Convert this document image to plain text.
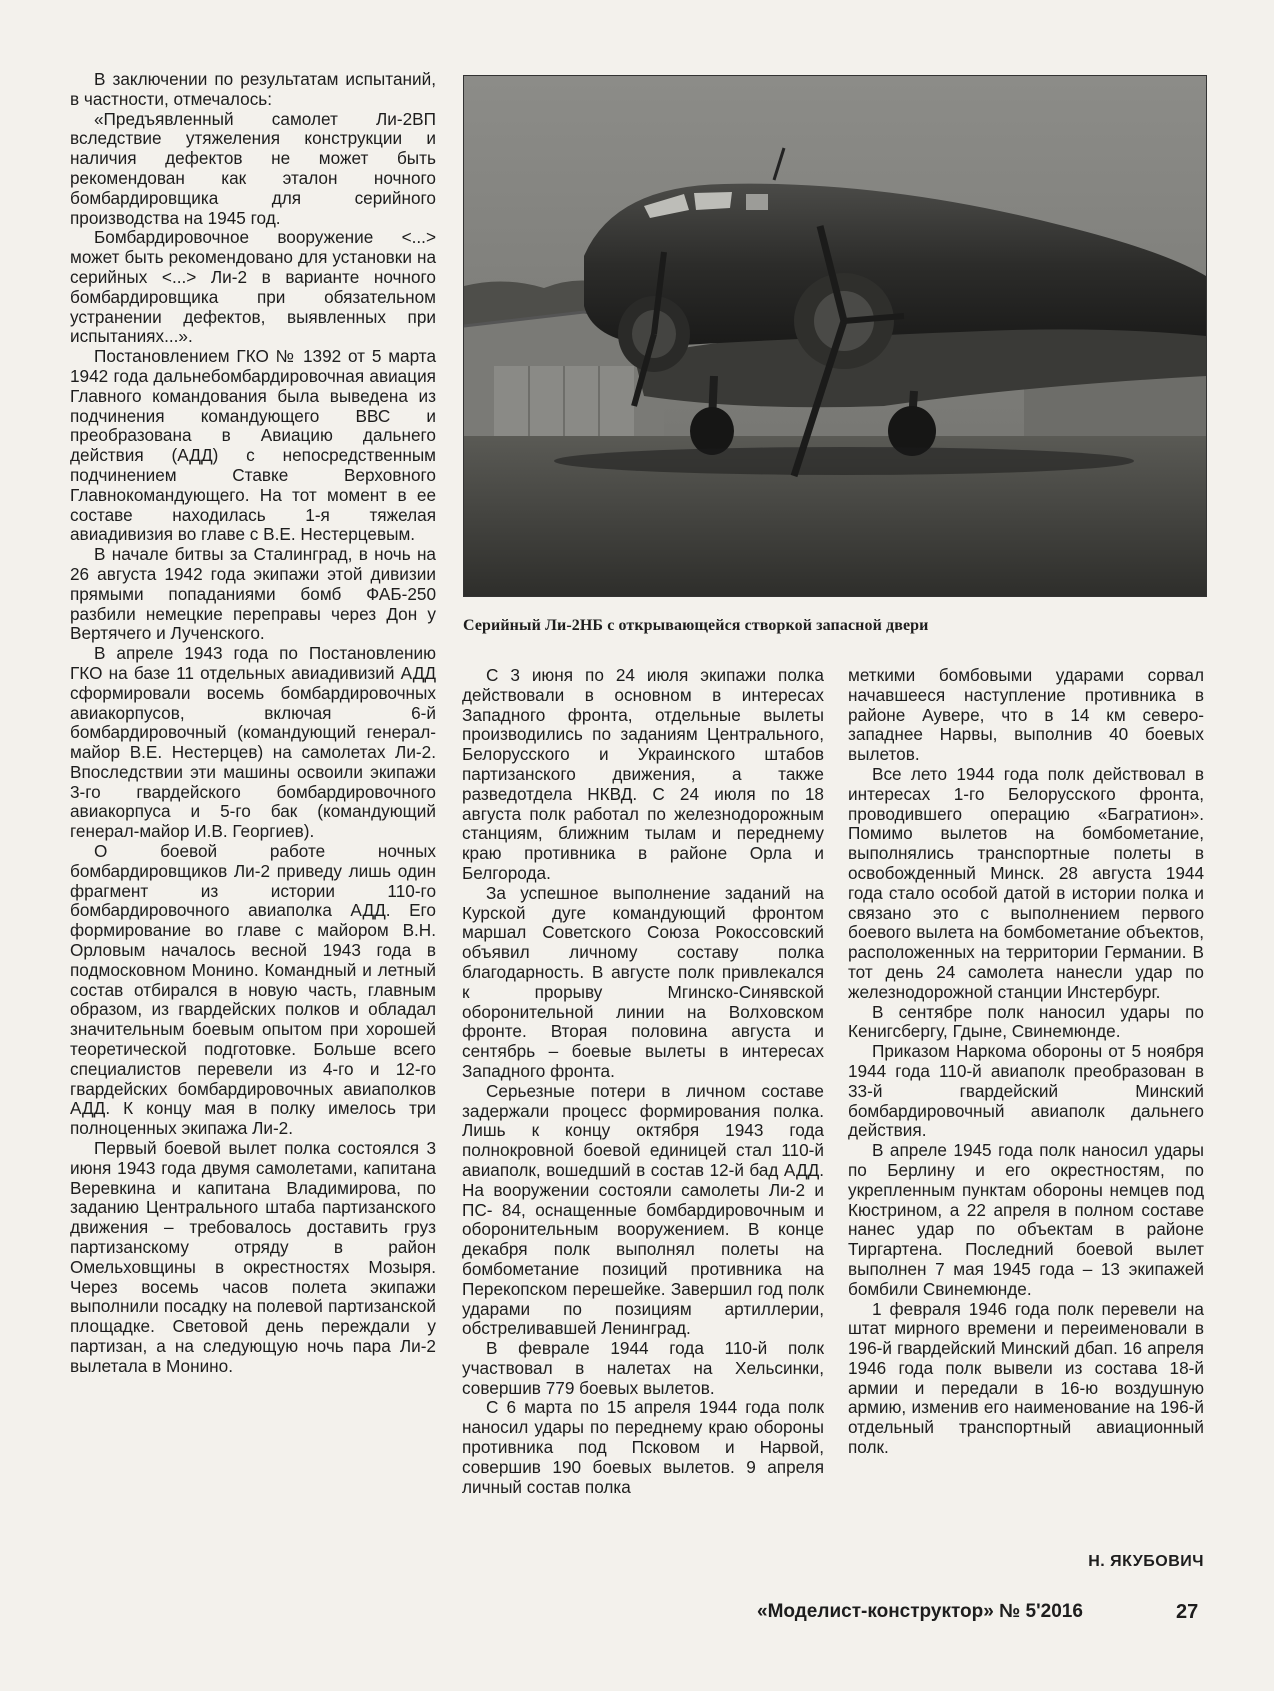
В заключении по результатам испытаний, в частности, отмечалось:

«Предъявленный самолет Ли-2ВП вследствие утяжеления конструкции и наличия дефектов не может быть рекомендован как эталон ночного бомбардировщика для серийного производства на 1945 год.

Бомбардировочное вооружение <...> может быть рекомендовано для установки на серийных <...> Ли-2 в варианте ночного бомбардировщика при обязательном устранении дефектов, выявленных при испытаниях...».

Постановлением ГКО № 1392 от 5 марта 1942 года дальнебомбардировочная авиация Главного командования была выведена из подчинения командующего ВВС и преобразована в Авиацию дальнего действия (АДД) с непосредственным подчинением Ставке Верховного Главнокомандующего. На тот момент в ее составе находилась 1-я тяжелая авиадивизия во главе с В.Е. Нестерцевым.

В начале битвы за Сталинград, в ночь на 26 августа 1942 года экипажи этой дивизии прямыми попаданиями бомб ФАБ-250 разбили немецкие переправы через Дон у Вертячего и Лученского.

В апреле 1943 года по Постановлению ГКО на базе 11 отдельных авиадивизий АДД сформировали восемь бомбардировочных авиакорпусов, включая 6-й бомбардировочный (командующий генерал-майор В.Е. Нестерцев) на самолетах Ли-2. Впоследствии эти машины освоили экипажи 3-го гвардейского бомбардировочного авиакорпуса и 5-го бак (командующий генерал-майор И.В. Георгиев).

О боевой работе ночных бомбардировщиков Ли-2 приведу лишь один фрагмент из истории 110-го бомбардировочного авиаполка АДД. Его формирование во главе с майором В.Н. Орловым началось весной 1943 года в подмосковном Монино. Командный и летный состав отбирался в новую часть, главным образом, из гвардейских полков и обладал значительным боевым опытом при хорошей теоретической подготовке. Больше всего специалистов перевели из 4-го и 12-го гвардейских бомбардировочных авиаполков АДД. К концу мая в полку имелось три полноценных экипажа Ли-2.

Первый боевой вылет полка состоялся 3 июня 1943 года двумя самолетами, капитана Веревкина и капитана Владимирова, по заданию Центрального штаба партизанского движения – требовалось доставить груз партизанскому отряду в район Омельховщины в окрестностях Мозыря. Через восемь часов полета экипажи выполнили посадку на полевой партизанской площадке. Световой день переждали у партизан, а на следующую ночь пара Ли-2 вылетала в Монино.

Серийный Ли-2НБ с открывающейся створкой запасной двери

С 3 июня по 24 июля экипажи полка действовали в основном в интересах Западного фронта, отдельные вылеты производились по заданиям Центрального, Белорусского и Украинского штабов партизанского движения, а также разведотдела НКВД. С 24 июля по 18 августа полк работал по железнодорожным станциям, ближним тылам и переднему краю противника в районе Орла и Белгорода.

За успешное выполнение заданий на Курской дуге командующий фронтом маршал Советского Союза Рокоссовский объявил личному составу полка благодарность. В августе полк привлекался к прорыву Мгинско-Синявской оборонительной линии на Волховском фронте. Вторая половина августа и сентябрь – боевые вылеты в интересах Западного фронта.

Серьезные потери в личном составе задержали процесс формирования полка. Лишь к концу октября 1943 года полнокровной боевой единицей стал 110-й авиаполк, вошедший в состав 12-й бад АДД. На вооружении состояли самолеты Ли-2 и ПС- 84, оснащенные бомбардировочным и оборонительным вооружением. В конце декабря полк выполнял полеты на бомбометание позиций противника на Перекопском перешейке. Завершил год полк ударами по позициям артиллерии, обстреливавшей Ленинград.

В феврале 1944 года 110-й полк участвовал в налетах на Хельсинки, совершив 779 боевых вылетов.

С 6 марта по 15 апреля 1944 года полк наносил удары по переднему краю обороны противника под Псковом и Нарвой, совершив 190 боевых вылетов. 9 апреля личный состав полка

меткими бомбовыми ударами сорвал начавшееся наступление противника в районе Аувере, что в 14 км северо-западнее Нарвы, выполнив 40 боевых вылетов.

Все лето 1944 года полк действовал в интересах 1-го Белорусского фронта, проводившего операцию «Багратион». Помимо вылетов на бомбометание, выполнялись транспортные полеты в освобожденный Минск. 28 августа 1944 года стало особой датой в истории полка и связано это с выполнением первого боевого вылета на бомбометание объектов, расположенных на территории Германии. В тот день 24 самолета нанесли удар по железнодорожной станции Инстербург.

В сентябре полк наносил удары по Кенигсбергу, Гдыне, Свинемюнде.

Приказом Наркома обороны от 5 ноября 1944 года 110-й авиаполк преобразован в 33-й гвардейский Минский бомбардировочный авиаполк дальнего действия.

В апреле 1945 года полк наносил удары по Берлину и его окрестностям, по укрепленным пунктам обороны немцев под Кюстрином, а 22 апреля в полном составе нанес удар по объектам в районе Тиргартена. Последний боевой вылет выполнен 7 мая 1945 года – 13 экипажей бомбили Свинемюнде.

1 февраля 1946 года полк перевели на штат мирного времени и переименовали в 196-й гвардейский Минский дбап. 16 апреля 1946 года полк вывели из состава 18-й армии и передали в 16-ю воздушную армию, изменив его наименование на 196-й отдельный транспортный авиационный полк.

Н. ЯКУБОВИЧ
«Моделист-конструктор» № 5'2016	27
